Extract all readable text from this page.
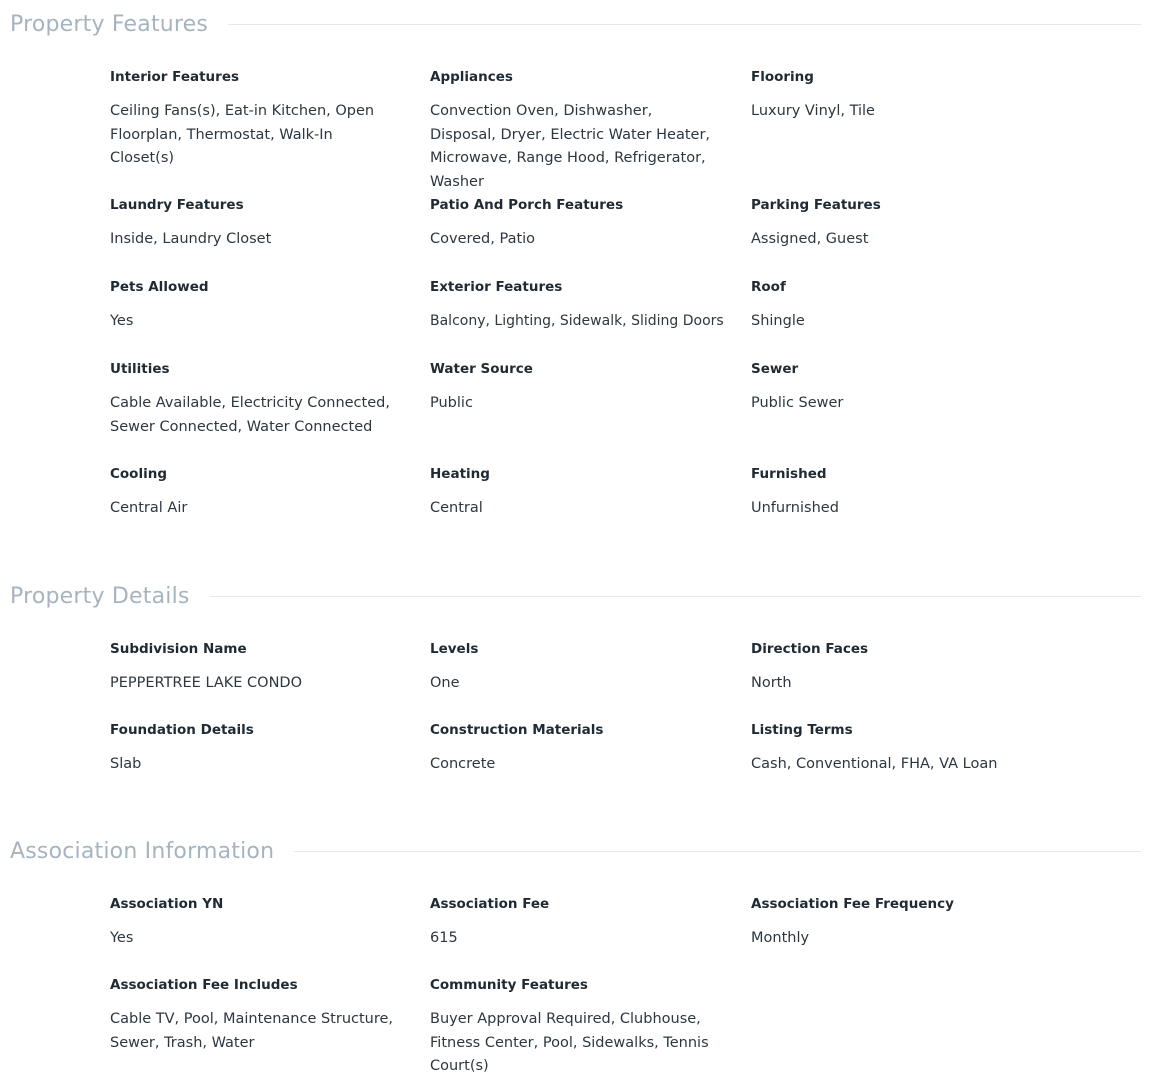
Property Features
Interior Features
Ceiling Fans(s), Eat-in Kitchen, Open Floorplan, Thermostat, Walk-In Closet(s)
Appliances
Convection Oven, Dishwasher, Disposal, Dryer, Electric Water Heater, Microwave, Range Hood, Refrigerator, Washer
Flooring
Luxury Vinyl, Tile
Laundry Features
Inside, Laundry Closet
Patio And Porch Features
Covered, Patio
Parking Features
Assigned, Guest
Pets Allowed
Yes
Exterior Features
Balcony, Lighting, Sidewalk, Sliding Doors
Roof
Shingle
Utilities
Cable Available, Electricity Connected, Sewer Connected, Water Connected
Water Source
Public
Sewer
Public Sewer
Cooling
Central Air
Heating
Central
Furnished
Unfurnished
Property Details
Subdivision Name
PEPPERTREE LAKE CONDO
Levels
One
Direction Faces
North
Foundation Details
Slab
Construction Materials
Concrete
Listing Terms
Cash, Conventional, FHA, VA Loan
Association Information
Association YN
Yes
Association Fee
615
Association Fee Frequency
Monthly
Association Fee Includes
Cable TV, Pool, Maintenance Structure, Sewer, Trash, Water
Community Features
Buyer Approval Required, Clubhouse, Fitness Center, Pool, Sidewalks, Tennis Court(s)
